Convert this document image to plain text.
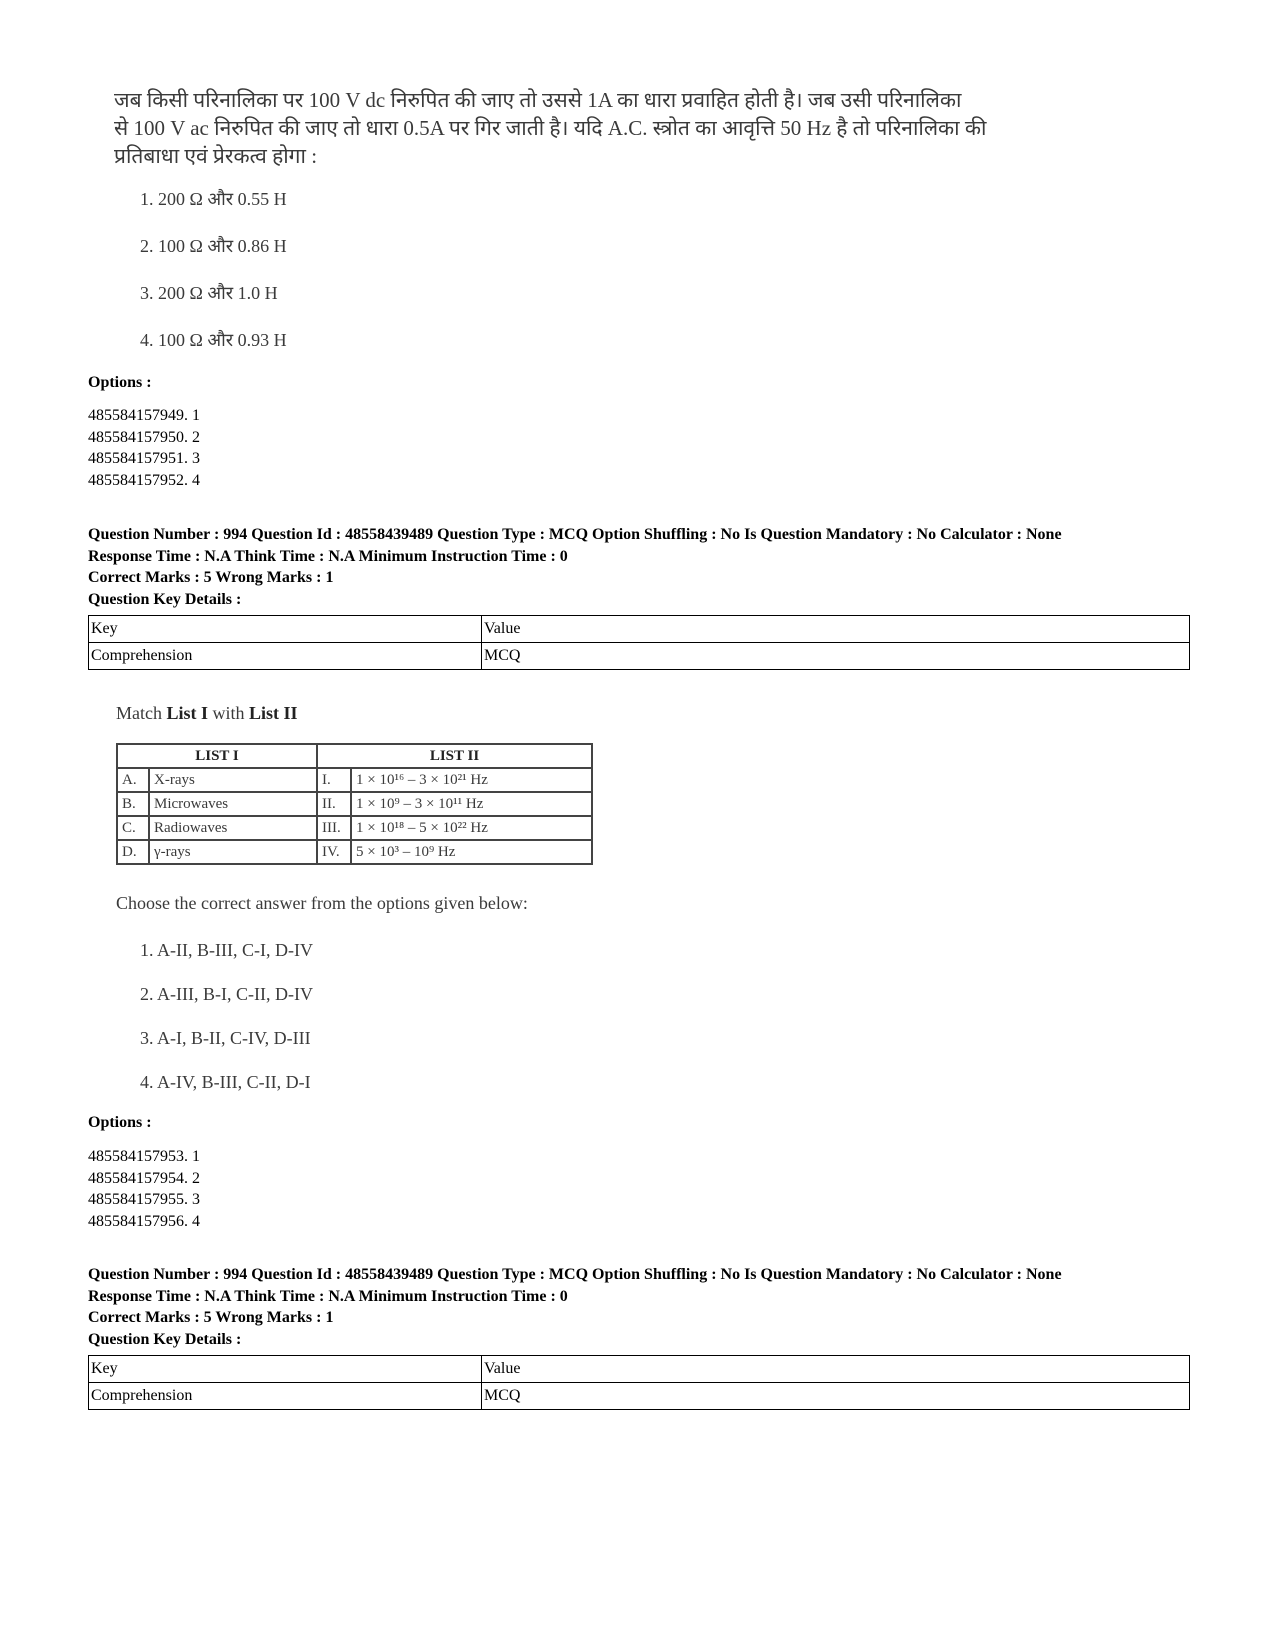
जब किसी परिनालिका पर 100 V dc निरुपित की जाए तो उससे 1A का धारा प्रवाहित होती है। जब उसी परिनालिका
से 100 V ac निरुपित की जाए तो धारा 0.5A पर गिर जाती है। यदि A.C. स्त्रोत का आवृत्ति 50 Hz है तो परिनालिका की
प्रतिबाधा एवं प्रेरकत्व होगा :
1. 200 Ω और 0.55 H
2. 100 Ω और 0.86 H
3. 200 Ω और 1.0 H
4. 100 Ω और 0.93 H
Options :
485584157949. 1
485584157950. 2
485584157951. 3
485584157952. 4
Question Number : 994 Question Id : 48558439489 Question Type : MCQ Option Shuffling : No Is Question Mandatory : No Calculator : None
Response Time : N.A Think Time : N.A Minimum Instruction Time : 0
Correct Marks : 5 Wrong Marks : 1
Question Key Details :
Key	Value
Comprehension	MCQ
Match List I with List II
LIST I		LIST II	
A.	X-rays	I.	1 × 10¹⁶ – 3 × 10²¹ Hz
B.	Microwaves	II.	1 × 10⁹ – 3 × 10¹¹ Hz
C.	Radiowaves	III.	1 × 10¹⁸ – 5 × 10²² Hz
D.	γ-rays	IV.	5 × 10³ – 10⁹ Hz
Choose the correct answer from the options given below:
1. A-II, B-III, C-I, D-IV
2. A-III, B-I, C-II, D-IV
3. A-I, B-II, C-IV, D-III
4. A-IV, B-III, C-II, D-I
Options :
485584157953. 1
485584157954. 2
485584157955. 3
485584157956. 4
Question Number : 994 Question Id : 48558439489 Question Type : MCQ Option Shuffling : No Is Question Mandatory : No Calculator : None
Response Time : N.A Think Time : N.A Minimum Instruction Time : 0
Correct Marks : 5 Wrong Marks : 1
Question Key Details :
Key	Value
Comprehension	MCQ
